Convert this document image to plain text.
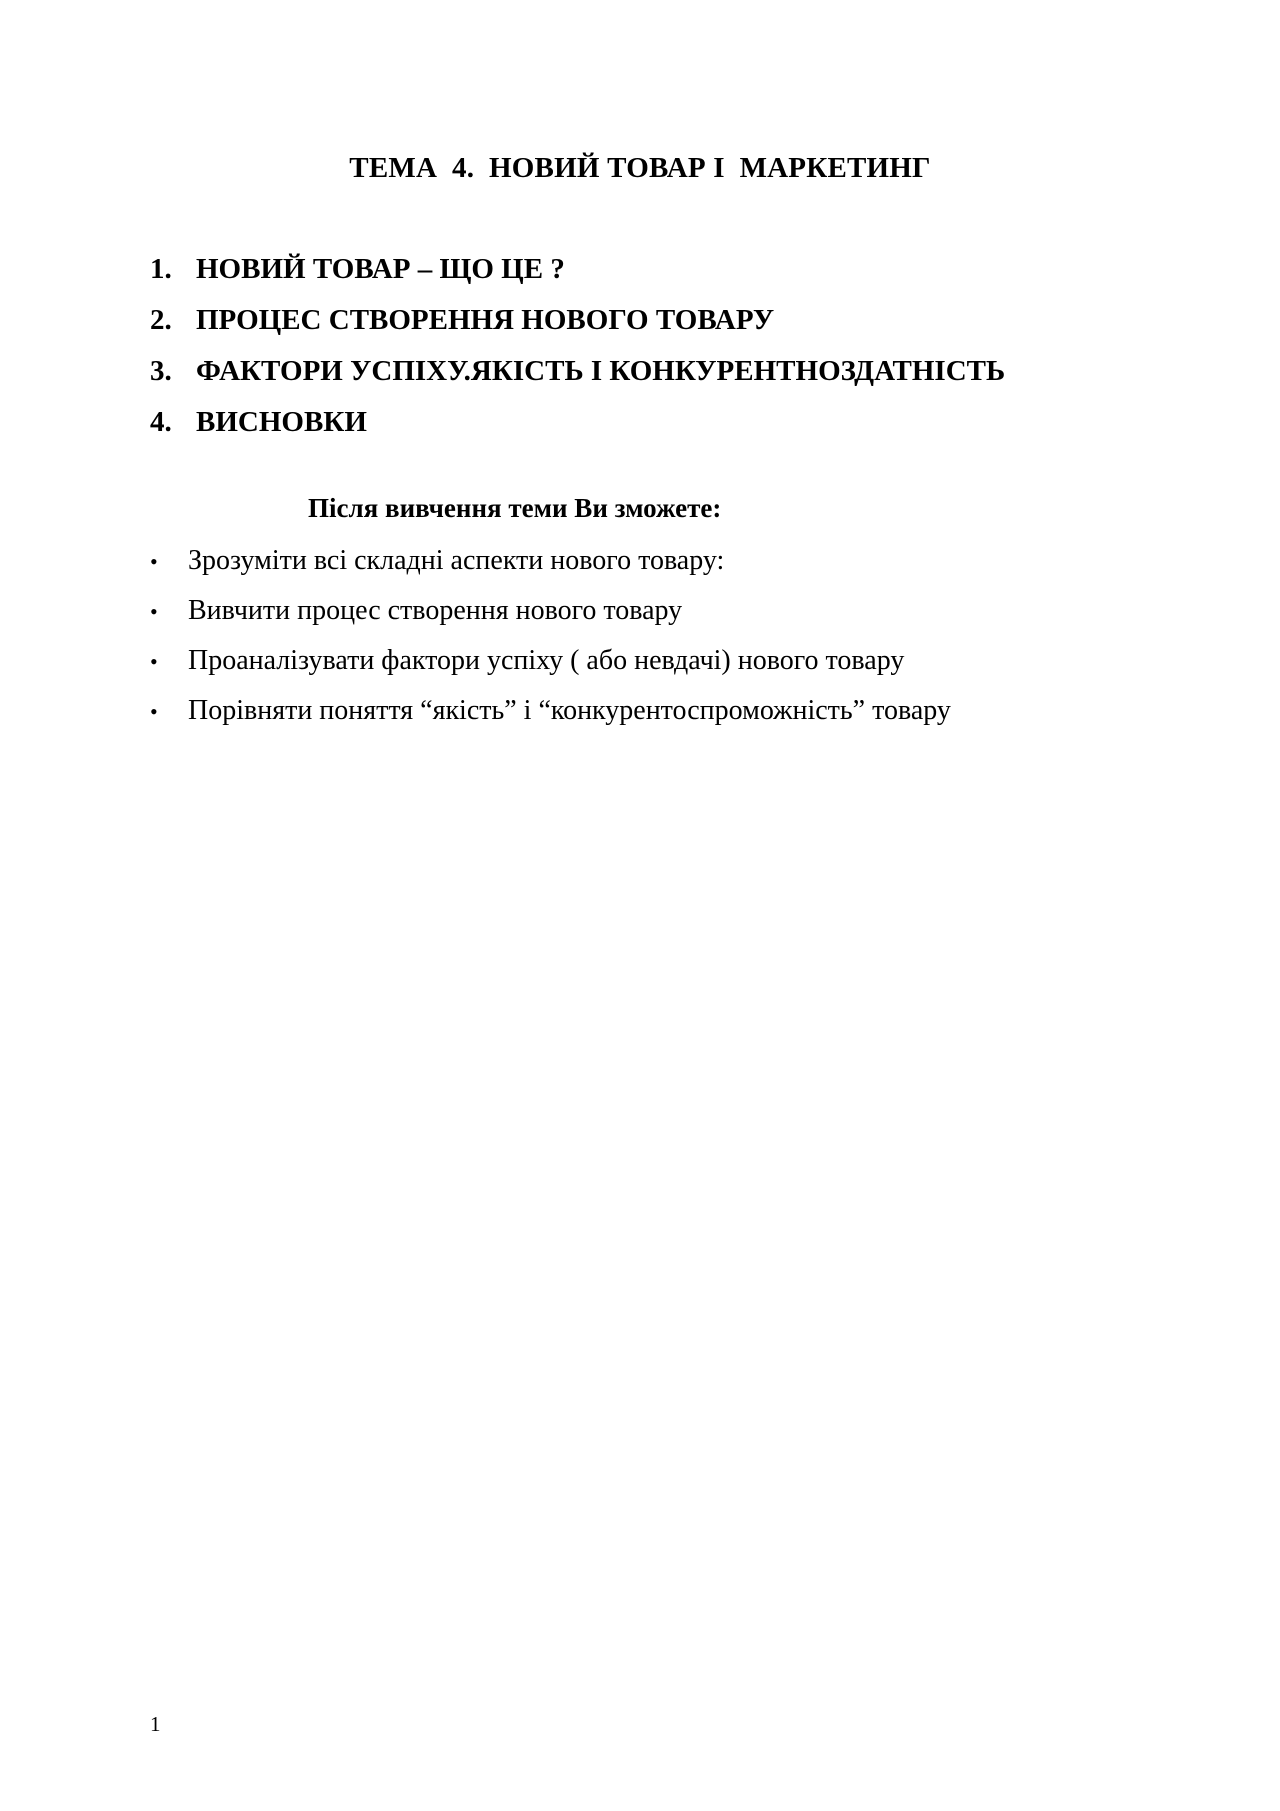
ТЕМА  4.  НОВИЙ ТОВАР І  МАРКЕТИНГ
1. НОВИЙ ТОВАР – ЩО ЦЕ ?
2. ПРОЦЕС СТВОРЕННЯ НОВОГО ТОВАРУ
3. ФАКТОРИ УСПІХУ.ЯКІСТЬ І КОНКУРЕНТНОЗДАТНІСТЬ
4. ВИСНОВКИ
Після вивчення теми Ви зможете:
• Зрозуміти всі складні аспекти нового товару:
• Вивчити процес створення нового товару
• Проаналізувати фактори успіху ( або невдачі) нового товару
• Порівняти поняття “якість” і “конкурентоспроможність” товару
1
